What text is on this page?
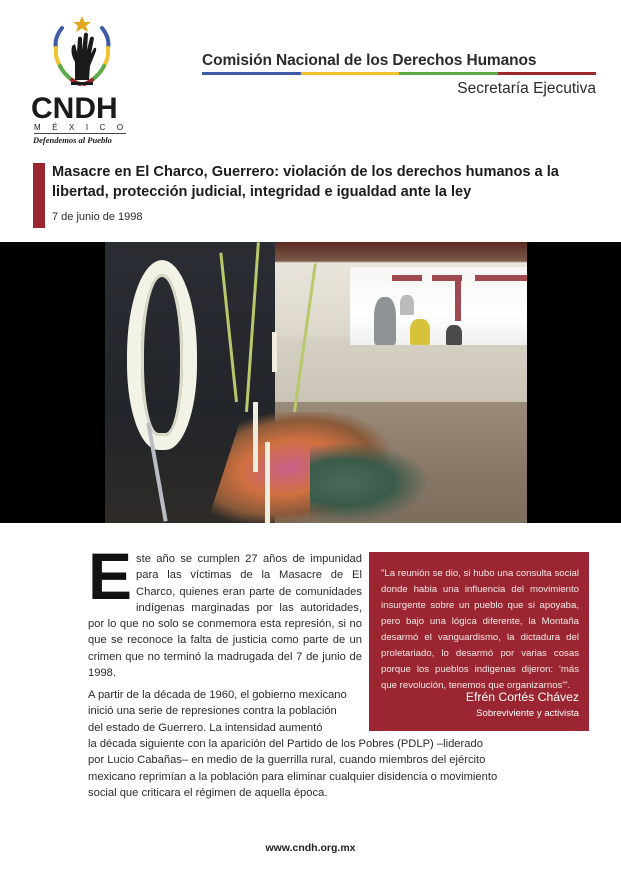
CNDH
MÉXICO
Defendemos al Pueblo
Comisión Nacional de los Derechos Humanos
Secretaría Ejecutiva
Masacre en El Charco, Guerrero: violación de los derechos humanos a la libertad, protección judicial, integridad e igualdad ante la ley
7 de junio de 1998
Este año se cumplen 27 años de impunidad para las víctimas de la Masacre de El Charco, quienes eran parte de comunidades indígenas marginadas por las autoridades, por lo que no solo se conmemora esta represión, si no que se reconoce la falta de justicia como parte de un crimen que no terminó la madrugada del 7 de junio de 1998.
A partir de la década de 1960, el gobierno mexicano
inició una serie de represiones contra la población
del estado de Guerrero. La intensidad aumentó
la década siguiente con la aparición del Partido de los Pobres (PDLP) –liderado
por Lucio Cabañas– en medio de la guerrilla rural, cuando miembros del ejército
mexicano reprimían a la población para eliminar cualquier disidencia o movimiento
social que criticara el régimen de aquella época.
"La reunión se dio, si hubo una consulta social donde habia una influencia del movimiento insurgente sobre un pueblo que si apoyaba, pero bajo una lógica diferente, la Montaña desarmó el vanguardismo, la dictadura del proletariado, lo desarmó por varias cosas porque los pueblos indigenas dijeron: 'más que revolución, tenemos que organizarnos'".
Efrén Cortés Chávez
Sobreviviente y activista
www.cndh.org.mx
